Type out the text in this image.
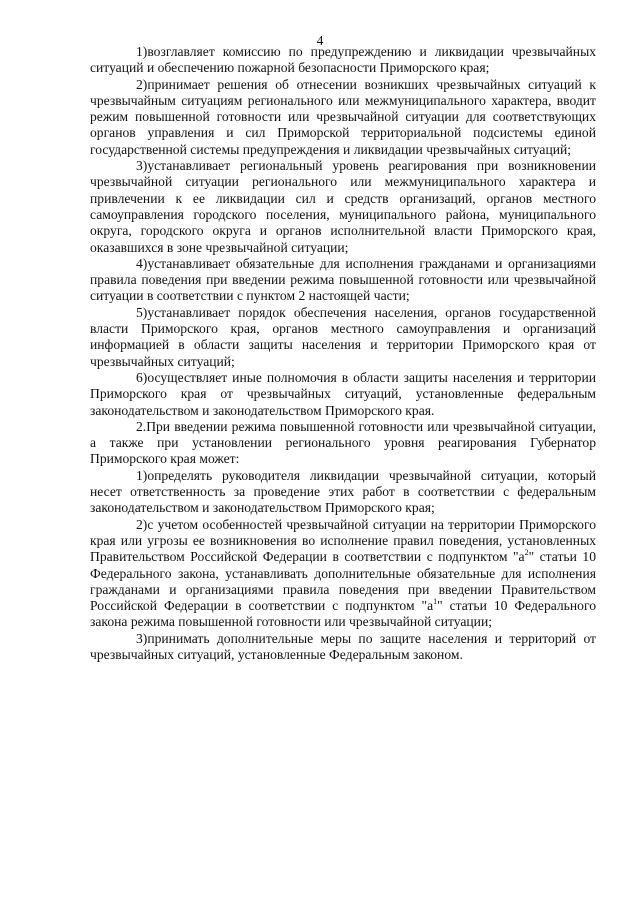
4

1)возглавляет комиссию по предупреждению и ликвидации чрезвычайных ситуаций и обеспечению пожарной безопасности Приморского края;

2)принимает решения об отнесении возникших чрезвычайных ситуаций к чрезвычайным ситуациям регионального или межмуниципального характера, вводит режим повышенной готовности или чрезвычайной ситуации для соответствующих органов управления и сил Приморской территориальной подсистемы единой государственной системы предупреждения и ликвидации чрезвычайных ситуаций;

3)устанавливает региональный уровень реагирования при возникновении чрезвычайной ситуации регионального или межмуниципального характера и привлечении к ее ликвидации сил и средств организаций, органов местного самоуправления городского поселения, муниципального района, муниципального округа, городского округа и органов исполнительной власти Приморского края, оказавшихся в зоне чрезвычайной ситуации;

4)устанавливает обязательные для исполнения гражданами и организациями правила поведения при введении режима повышенной готовности или чрезвычайной ситуации в соответствии с пунктом 2 настоящей части;

5)устанавливает порядок обеспечения населения, органов государственной власти Приморского края, органов местного самоуправления и организаций информацией в области защиты населения и территории Приморского края от чрезвычайных ситуаций;

6)осуществляет иные полномочия в области защиты населения и территории Приморского края от чрезвычайных ситуаций, установленные федеральным законодательством и законодательством Приморского края.

2.При введении режима повышенной готовности или чрезвычайной ситуации, а также при установлении регионального уровня реагирования Губернатор Приморского края может:

1)определять руководителя ликвидации чрезвычайной ситуации, который несет ответственность за проведение этих работ в соответствии с федеральным законодательством и законодательством Приморского края;

2)с учетом особенностей чрезвычайной ситуации на территории Приморского края или угрозы ее возникновения во исполнение правил поведения, установленных Правительством Российской Федерации в соответствии с подпунктом "$а^2$" статьи 10 Федерального закона, устанавливать дополнительные обязательные для исполнения гражданами и организациями правила поведения при введении Правительством Российской Федерации в соответствии с подпунктом "$а^1$" статьи 10 Федерального закона режима повышенной готовности или чрезвычайной ситуации;

3)принимать дополнительные меры по защите населения и территорий от чрезвычайных ситуаций, установленные Федеральным законом.
